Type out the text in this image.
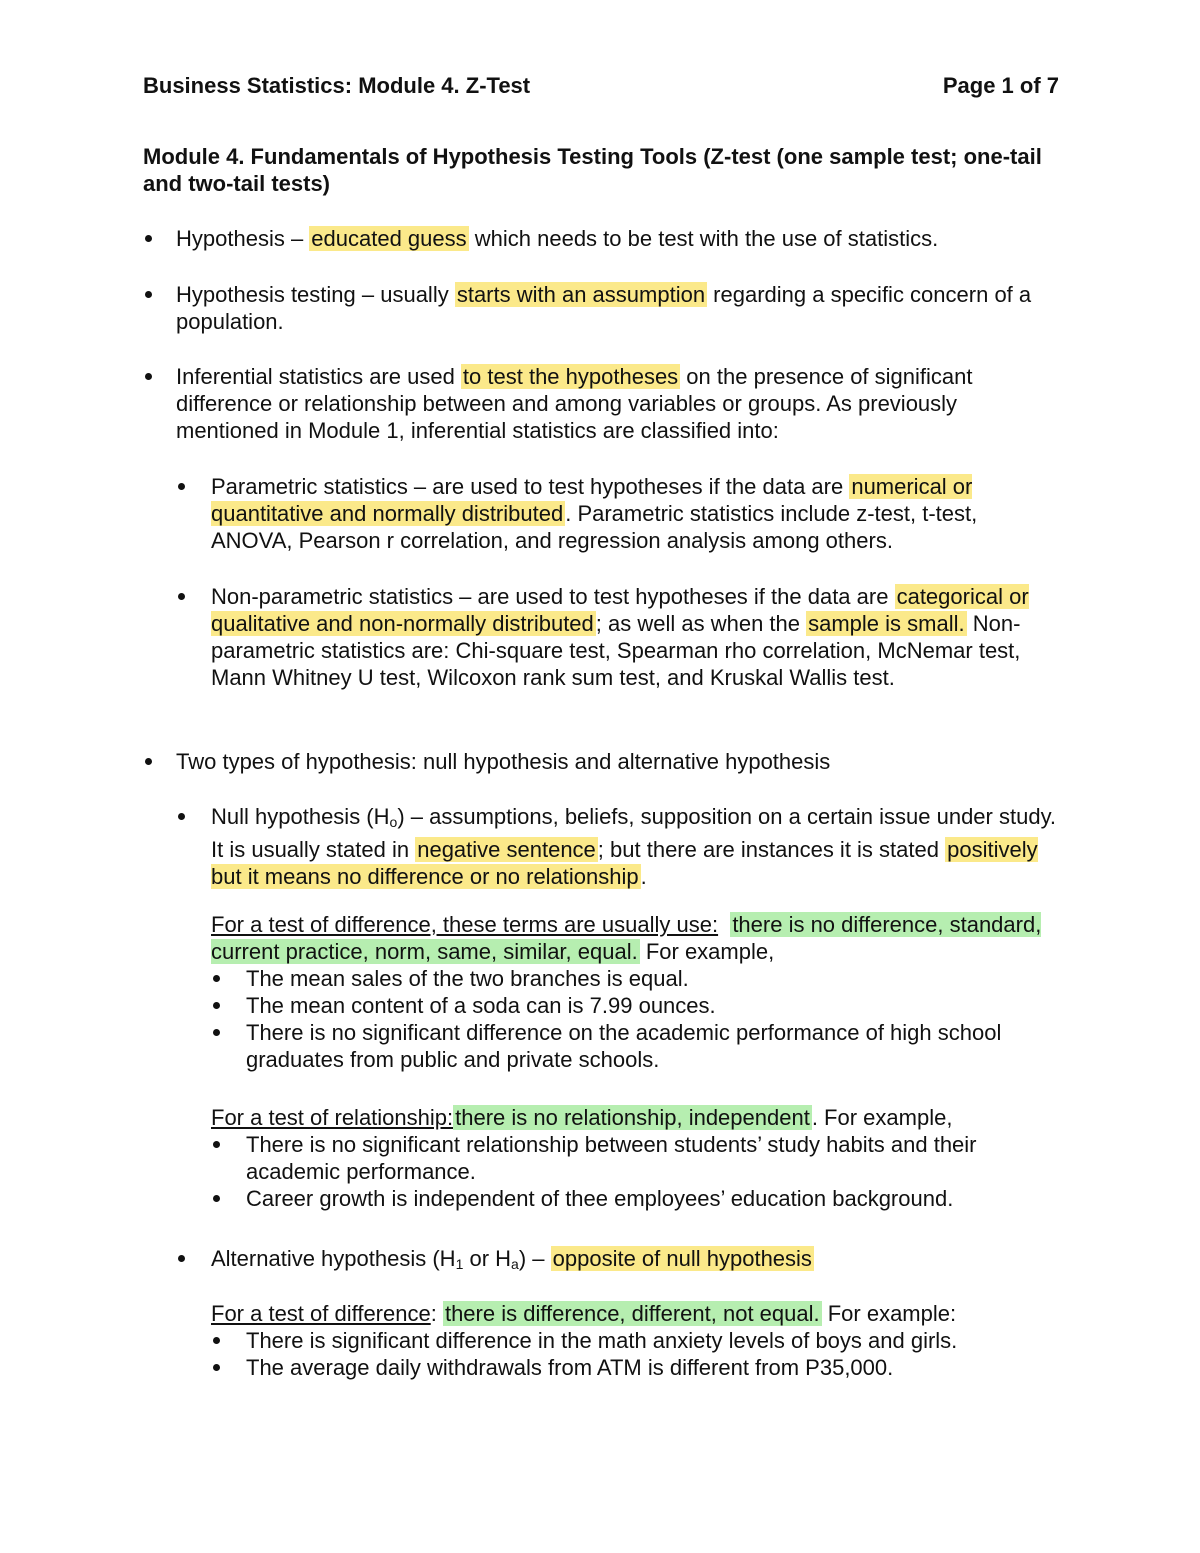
Business Statistics: Module 4. Z-Test	Page 1 of 7
Module 4. Fundamentals of Hypothesis Testing Tools (Z-test (one sample test; one-tail and two-tail tests)
Hypothesis – educated guess which needs to be test with the use of statistics.
Hypothesis testing – usually starts with an assumption regarding a specific concern of a population.
Inferential statistics are used to test the hypotheses on the presence of significant difference or relationship between and among variables or groups. As previously mentioned in Module 1, inferential statistics are classified into:
Parametric statistics – are used to test hypotheses if the data are numerical or quantitative and normally distributed. Parametric statistics include z-test, t-test, ANOVA, Pearson r correlation, and regression analysis among others.
Non-parametric statistics – are used to test hypotheses if the data are categorical or qualitative and non-normally distributed; as well as when the sample is small. Non-parametric statistics are: Chi-square test, Spearman rho correlation, McNemar test, Mann Whitney U test, Wilcoxon rank sum test, and Kruskal Wallis test.
Two types of hypothesis: null hypothesis and alternative hypothesis
Null hypothesis $(H_o)$ – assumptions, beliefs, supposition on a certain issue under study. It is usually stated in negative sentence; but there are instances it is stated positively but it means no difference or no relationship.
For a test of difference, these terms are usually use: there is no difference, standard, current practice, norm, same, similar, equal. For example,
The mean sales of the two branches is equal.
The mean content of a soda can is 7.99 ounces.
There is no significant difference on the academic performance of high school graduates from public and private schools.
For a test of relationship:there is no relationship, independent. For example,
There is no significant relationship between students’ study habits and their academic performance.
Career growth is independent of thee employees’ education background.
Alternative hypothesis ($H_1$ or $H_a$) – opposite of null hypothesis
For a test of difference: there is difference, different, not equal. For example:
There is significant difference in the math anxiety levels of boys and girls.
The average daily withdrawals from ATM is different from P35,000.
